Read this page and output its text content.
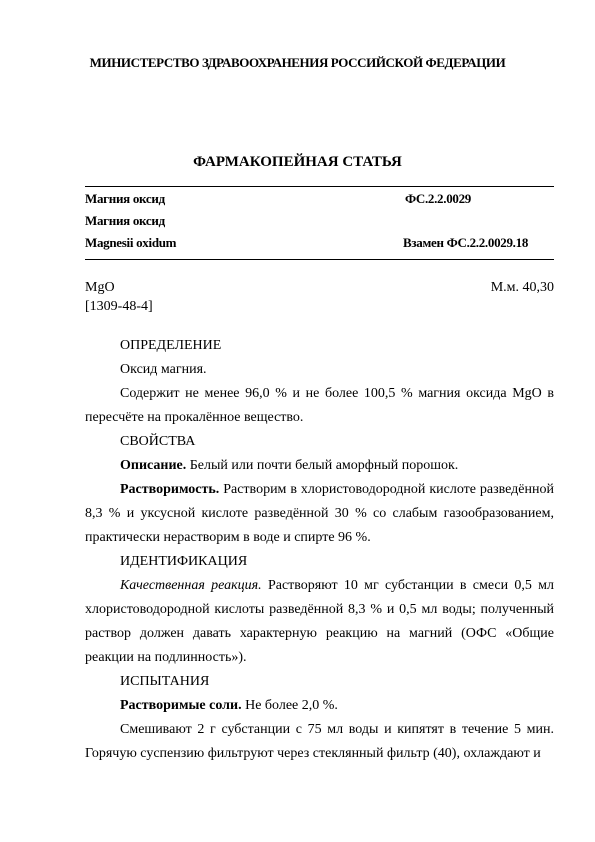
МИНИСТЕРСТВО ЗДРАВООХРАНЕНИЯ РОССИЙСКОЙ ФЕДЕРАЦИИ
ФАРМАКОПЕЙНАЯ СТАТЬЯ
Магния оксид	ФС.2.2.0029
Магния оксид
Magnesii oxidum	Взамен ФС.2.2.0029.18
MgO	М.м. 40,30
[1309-48-4]

ОПРЕДЕЛЕНИЕ

Оксид магния.

Содержит не менее 96,0 % и не более 100,5 % магния оксида MgO в пересчёте на прокалённое вещество.

СВОЙСТВА

Описание. Белый или почти белый аморфный порошок.

Растворимость. Растворим в хлористоводородной кислоте разведённой 8,3 % и уксусной кислоте разведённой 30 % со слабым газообразованием, практически нерастворим в воде и спирте 96 %.

ИДЕНТИФИКАЦИЯ

Качественная реакция. Растворяют 10 мг субстанции в смеси 0,5 мл хлористоводородной кислоты разведённой 8,3 % и 0,5 мл воды; полученный раствор должен давать характерную реакцию на магний (ОФС «Общие реакции на подлинность»).

ИСПЫТАНИЯ

Растворимые соли. Не более 2,0 %.

Смешивают 2 г субстанции с 75 мл воды и кипятят в течение 5 мин. Горячую суспензию фильтруют через стеклянный фильтр (40), охлаждают и
